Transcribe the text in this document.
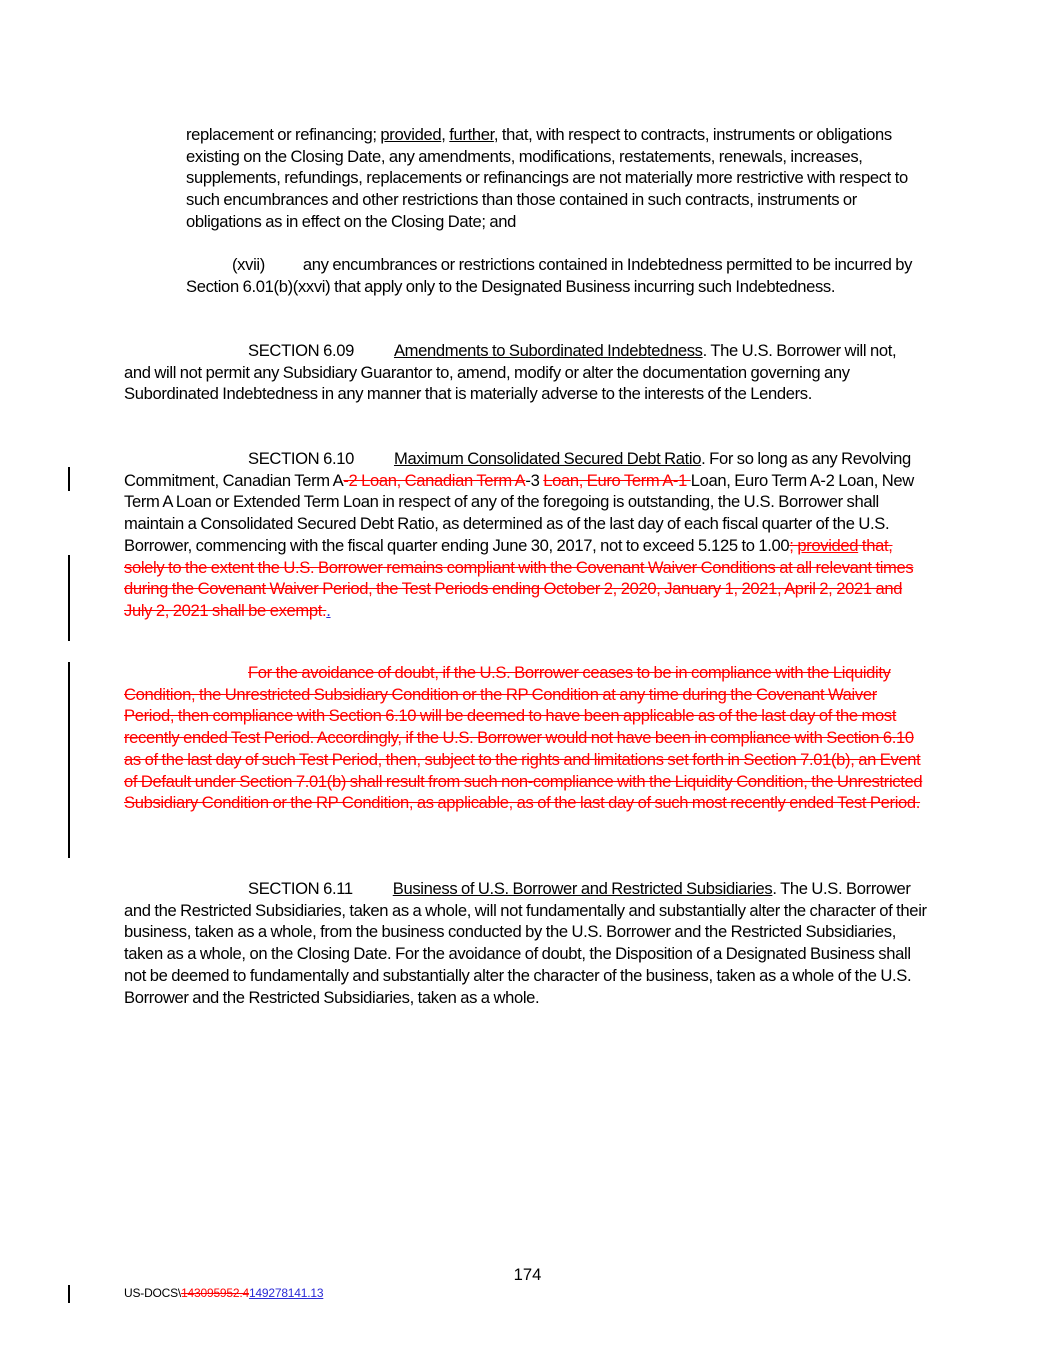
replacement or refinancing; provided, further, that, with respect to contracts, instruments or obligations existing on the Closing Date, any amendments, modifications, restatements, renewals, increases, supplements, refundings, replacements or refinancings are not materially more restrictive with respect to such encumbrances and other restrictions than those contained in such contracts, instruments or obligations as in effect on the Closing Date; and
(xvii) any encumbrances or restrictions contained in Indebtedness permitted to be incurred by Section 6.01(b)(xxvi) that apply only to the Designated Business incurring such Indebtedness.
SECTION 6.09 Amendments to Subordinated Indebtedness. The U.S. Borrower will not, and will not permit any Subsidiary Guarantor to, amend, modify or alter the documentation governing any Subordinated Indebtedness in any manner that is materially adverse to the interests of the Lenders.
SECTION 6.10 Maximum Consolidated Secured Debt Ratio. For so long as any Revolving Commitment, Canadian Term A-2 Loan, Canadian Term A-3 Loan, Euro Term A-1 Loan, Euro Term A-2 Loan, New Term A Loan or Extended Term Loan in respect of any of the foregoing is outstanding, the U.S. Borrower shall maintain a Consolidated Secured Debt Ratio, as determined as of the last day of each fiscal quarter of the U.S. Borrower, commencing with the fiscal quarter ending June 30, 2017, not to exceed 5.125 to 1.00; provided that, solely to the extent the U.S. Borrower remains compliant with the Covenant Waiver Conditions at all relevant times during the Covenant Waiver Period, the Test Periods ending October 2, 2020, January 1, 2021, April 2, 2021 and July 2, 2021 shall be exempt..
For the avoidance of doubt, if the U.S. Borrower ceases to be in compliance with the Liquidity Condition, the Unrestricted Subsidiary Condition or the RP Condition at any time during the Covenant Waiver Period, then compliance with Section 6.10 will be deemed to have been applicable as of the last day of the most recently ended Test Period. Accordingly, if the U.S. Borrower would not have been in compliance with Section 6.10 as of the last day of such Test Period, then, subject to the rights and limitations set forth in Section 7.01(b), an Event of Default under Section 7.01(b) shall result from such non-compliance with the Liquidity Condition, the Unrestricted Subsidiary Condition or the RP Condition, as applicable, as of the last day of such most recently ended Test Period.
SECTION 6.11 Business of U.S. Borrower and Restricted Subsidiaries. The U.S. Borrower and the Restricted Subsidiaries, taken as a whole, will not fundamentally and substantially alter the character of their business, taken as a whole, from the business conducted by the U.S. Borrower and the Restricted Subsidiaries, taken as a whole, on the Closing Date. For the avoidance of doubt, the Disposition of a Designated Business shall not be deemed to fundamentally and substantially alter the character of the business, taken as a whole of the U.S. Borrower and the Restricted Subsidiaries, taken as a whole.
174
US-DOCS\143095952.4149278141.13
